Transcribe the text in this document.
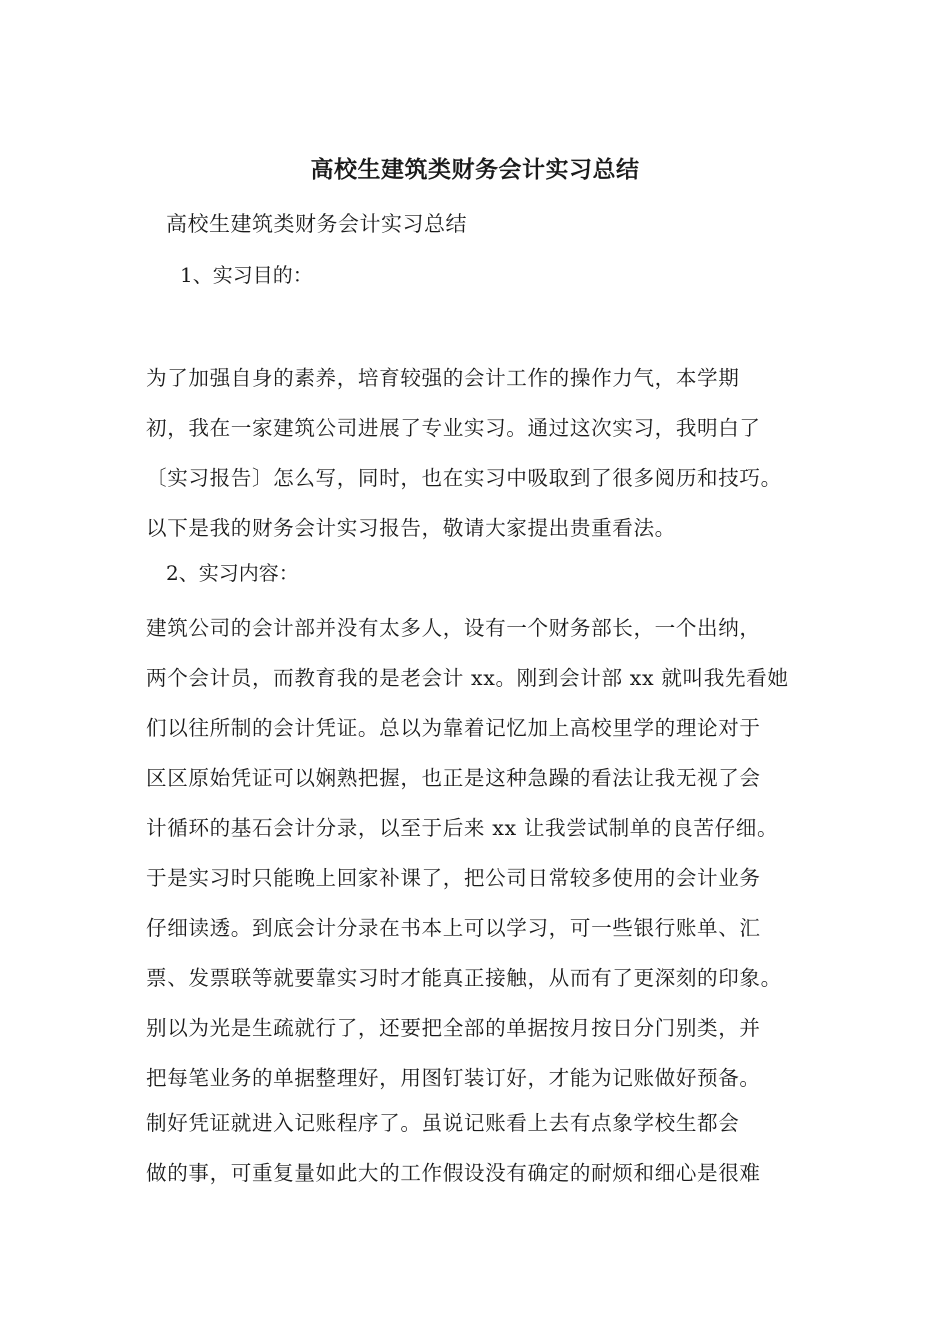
高校生建筑类财务会计实习总结
高校生建筑类财务会计实习总结
1、实习目的：
为了加强自身的素养，培育较强的会计工作的操作力气，本学期
初，我在一家建筑公司进展了专业实习。通过这次实习，我明白了
〔实习报告〕怎么写，同时，也在实习中吸取到了很多阅历和技巧。
以下是我的财务会计实习报告，敬请大家提出贵重看法。
2、实习内容：
建筑公司的会计部并没有太多人，设有一个财务部长，一个出纳，
两个会计员，而教育我的是老会计 xx。刚到会计部 xx 就叫我先看她
们以往所制的会计凭证。总以为靠着记忆加上高校里学的理论对于
区区原始凭证可以娴熟把握，也正是这种急躁的看法让我无视了会
计循环的基石会计分录，以至于后来 xx 让我尝试制单的良苦仔细。
于是实习时只能晚上回家补课了，把公司日常较多使用的会计业务
仔细读透。到底会计分录在书本上可以学习，可一些银行账单、汇
票、发票联等就要靠实习时才能真正接触，从而有了更深刻的印象。
别以为光是生疏就行了，还要把全部的单据按月按日分门别类，并
把每笔业务的单据整理好，用图钉装订好，才能为记账做好预备。
制好凭证就进入记账程序了。虽说记账看上去有点象学校生都会
做的事，可重复量如此大的工作假设没有确定的耐烦和细心是很难
